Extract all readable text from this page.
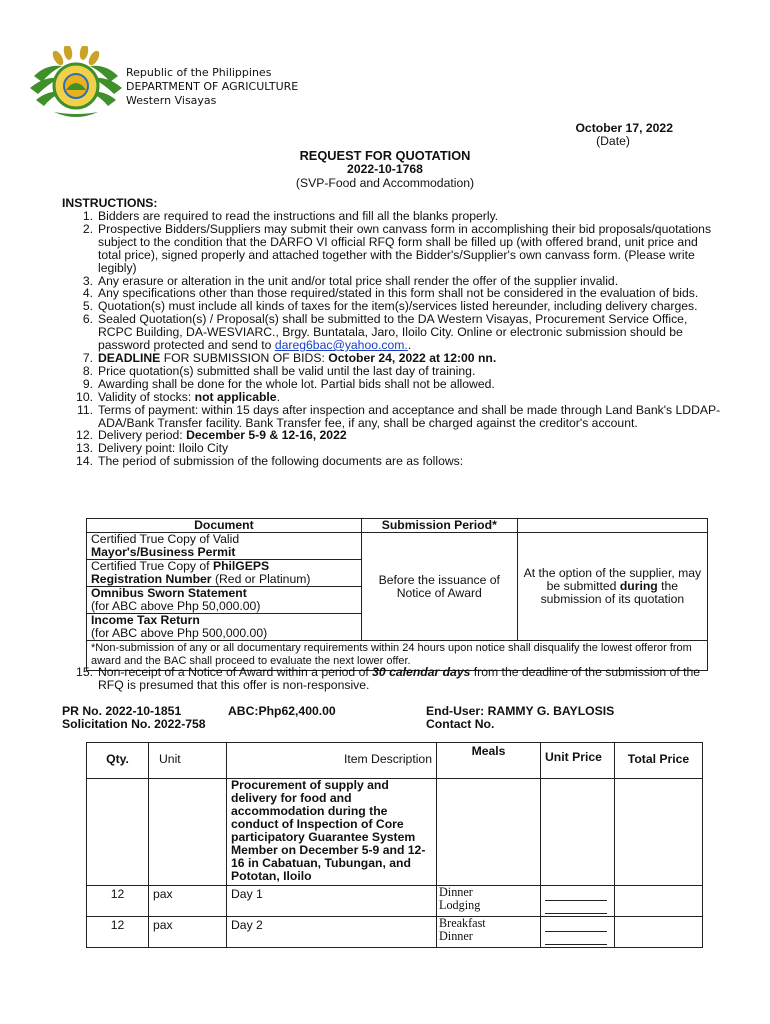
Republic of the Philippines
DEPARTMENT OF AGRICULTURE
Western Visayas
October 17, 2022
(Date)
REQUEST FOR QUOTATION
2022-10-1768
(SVP-Food and Accommodation)
INSTRUCTIONS:
1. Bidders are required to read the instructions and fill all the blanks properly.
2. Prospective Bidders/Suppliers may submit their own canvass form in accomplishing their bid proposals/quotations subject to the condition that the DARFO VI official RFQ form shall be filled up (with offered brand, unit price and total price), signed properly and attached together with the Bidder's/Supplier's own canvass form. (Please write legibly)
3. Any erasure or alteration in the unit and/or total price shall render the offer of the supplier invalid.
4. Any specifications other than those required/stated in this form shall not be considered in the evaluation of bids.
5. Quotation(s) must include all kinds of taxes for the item(s)/services listed hereunder, including delivery charges.
6. Sealed Quotation(s) / Proposal(s) shall be submitted to the DA Western Visayas, Procurement Service Office, RCPC Building, DA-WESVIARC., Brgy. Buntatala, Jaro, Iloilo City. Online or electronic submission should be password protected and send to dareg6bac@yahoo.com..
7. DEADLINE FOR SUBMISSION OF BIDS: October 24, 2022 at 12:00 nn.
8. Price quotation(s) submitted shall be valid until the last day of training.
9. Awarding shall be done for the whole lot. Partial bids shall not be allowed.
10. Validity of stocks: not applicable.
11. Terms of payment: within 15 days after inspection and acceptance and shall be made through Land Bank's LDDAP-ADA/Bank Transfer facility. Bank Transfer fee, if any, shall be charged against the creditor's account.
12. Delivery period: December 5-9 & 12-16, 2022
13. Delivery point: Iloilo City
14. The period of submission of the following documents are as follows:
Document	Submission Period*	
Certified True Copy of Valid
Mayor's/Business Permit	Before the issuance of Notice of Award	At the option of the supplier, may be submitted during the submission of its quotation
Certified True Copy of PhilGEPS
Registration Number (Red or Platinum)		
Omnibus Sworn Statement
(for ABC above Php 50,000.00)		
Income Tax Return
(for ABC above Php 500,000.00)		
*Non-submission of any or all documentary requirements within 24 hours upon notice shall disqualify the lowest offeror from award and the BAC shall proceed to evaluate the next lower offer.		
15. Non-receipt of a Notice of Award within a period of 30 calendar days from the deadline of the submission of the RFQ is presumed that this offer is non-responsive.
PR No. 2022-10-1851	ABC:Php62,400.00
Solicitation No. 2022-758
End-User: RAMMY G. BAYLOSIS
Contact No.
Qty.	Unit	Item Description	Meals	Unit Price	Total Price
		Procurement of supply and delivery for food and accommodation during the conduct of Inspection of Core participatory Guarantee System Member on December 5-9 and 12-16 in Cabatuan, Tubungan, and Pototan, Iloilo			
12	pax	Day 1	Dinner
Lodging	

12	pax	Day 2	Breakfast
Dinner	
